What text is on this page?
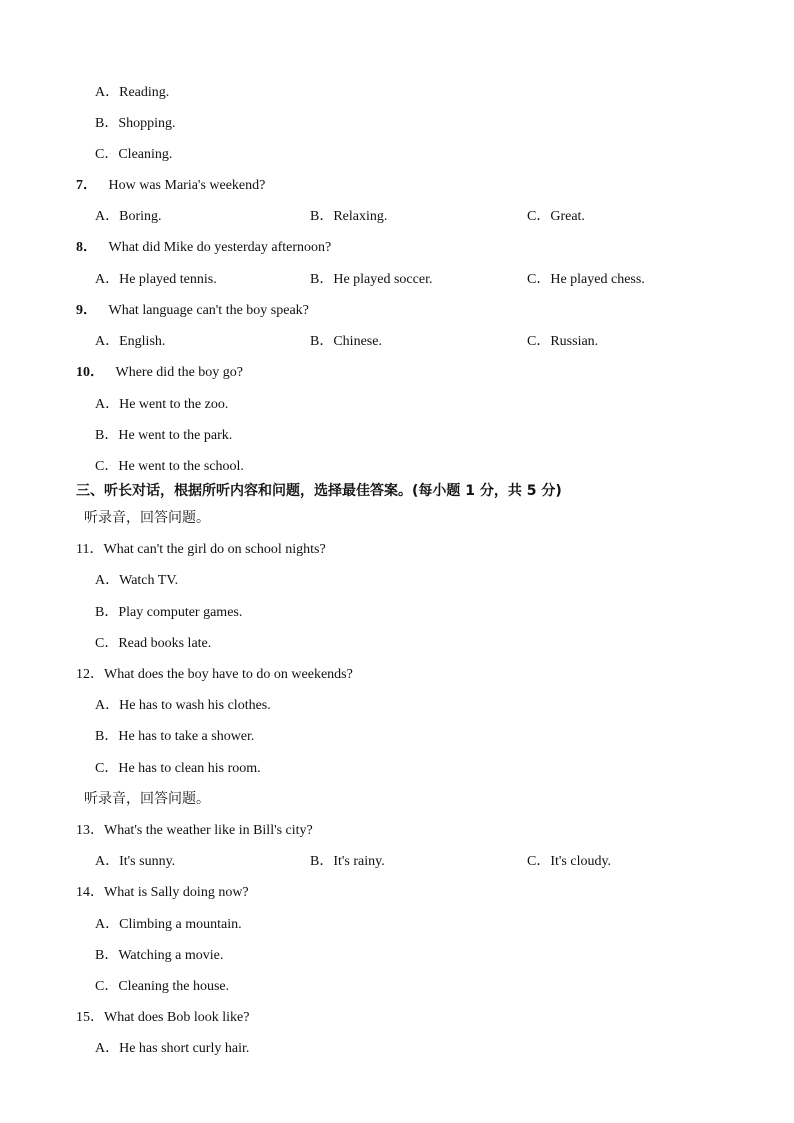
A．Reading.
B．Shopping.
C．Cleaning.
7． How was Maria's weekend?
A．Boring.	B．Relaxing.	C．Great.
8． What did Mike do yesterday afternoon?
A．He played tennis.	B．He played soccer.	C．He played chess.
9． What language can't the boy speak?
A．English.	B．Chinese.	C．Russian.
10． Where did the boy go?
A．He went to the zoo.
B．He went to the park.
C．He went to the school.
三、听长对话，根据所听内容和问题，选择最佳答案。(每小题 1 分，共 5 分)
听录音，回答问题。
11．What can't the girl do on school nights?
A．Watch TV.
B．Play computer games.
C．Read books late.
12．What does the boy have to do on weekends?
A．He has to wash his clothes.
B．He has to take a shower.
C．He has to clean his room.
听录音，回答问题。
13．What's the weather like in Bill's city?
A．It's sunny.	B．It's rainy.	C．It's cloudy.
14．What is Sally doing now?
A．Climbing a mountain.
B．Watching a movie.
C．Cleaning the house.
15．What does Bob look like?
A．He has short curly hair.
